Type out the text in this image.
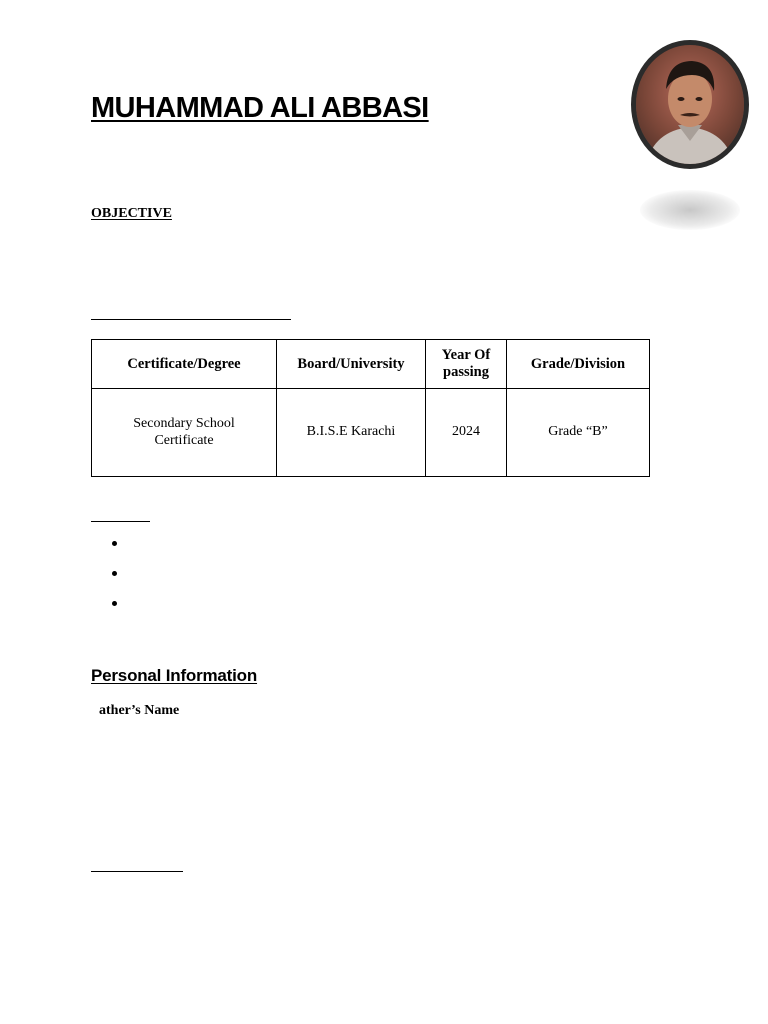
MUHAMMAD ALI ABBASI
OBJECTIVE
Certificate/Degree	Board/University	Year Of passing	Grade/Division

Secondary School Certificate	B.I.S.E Karachi	2024	Grade “B”
Personal Information
ather’s Name
